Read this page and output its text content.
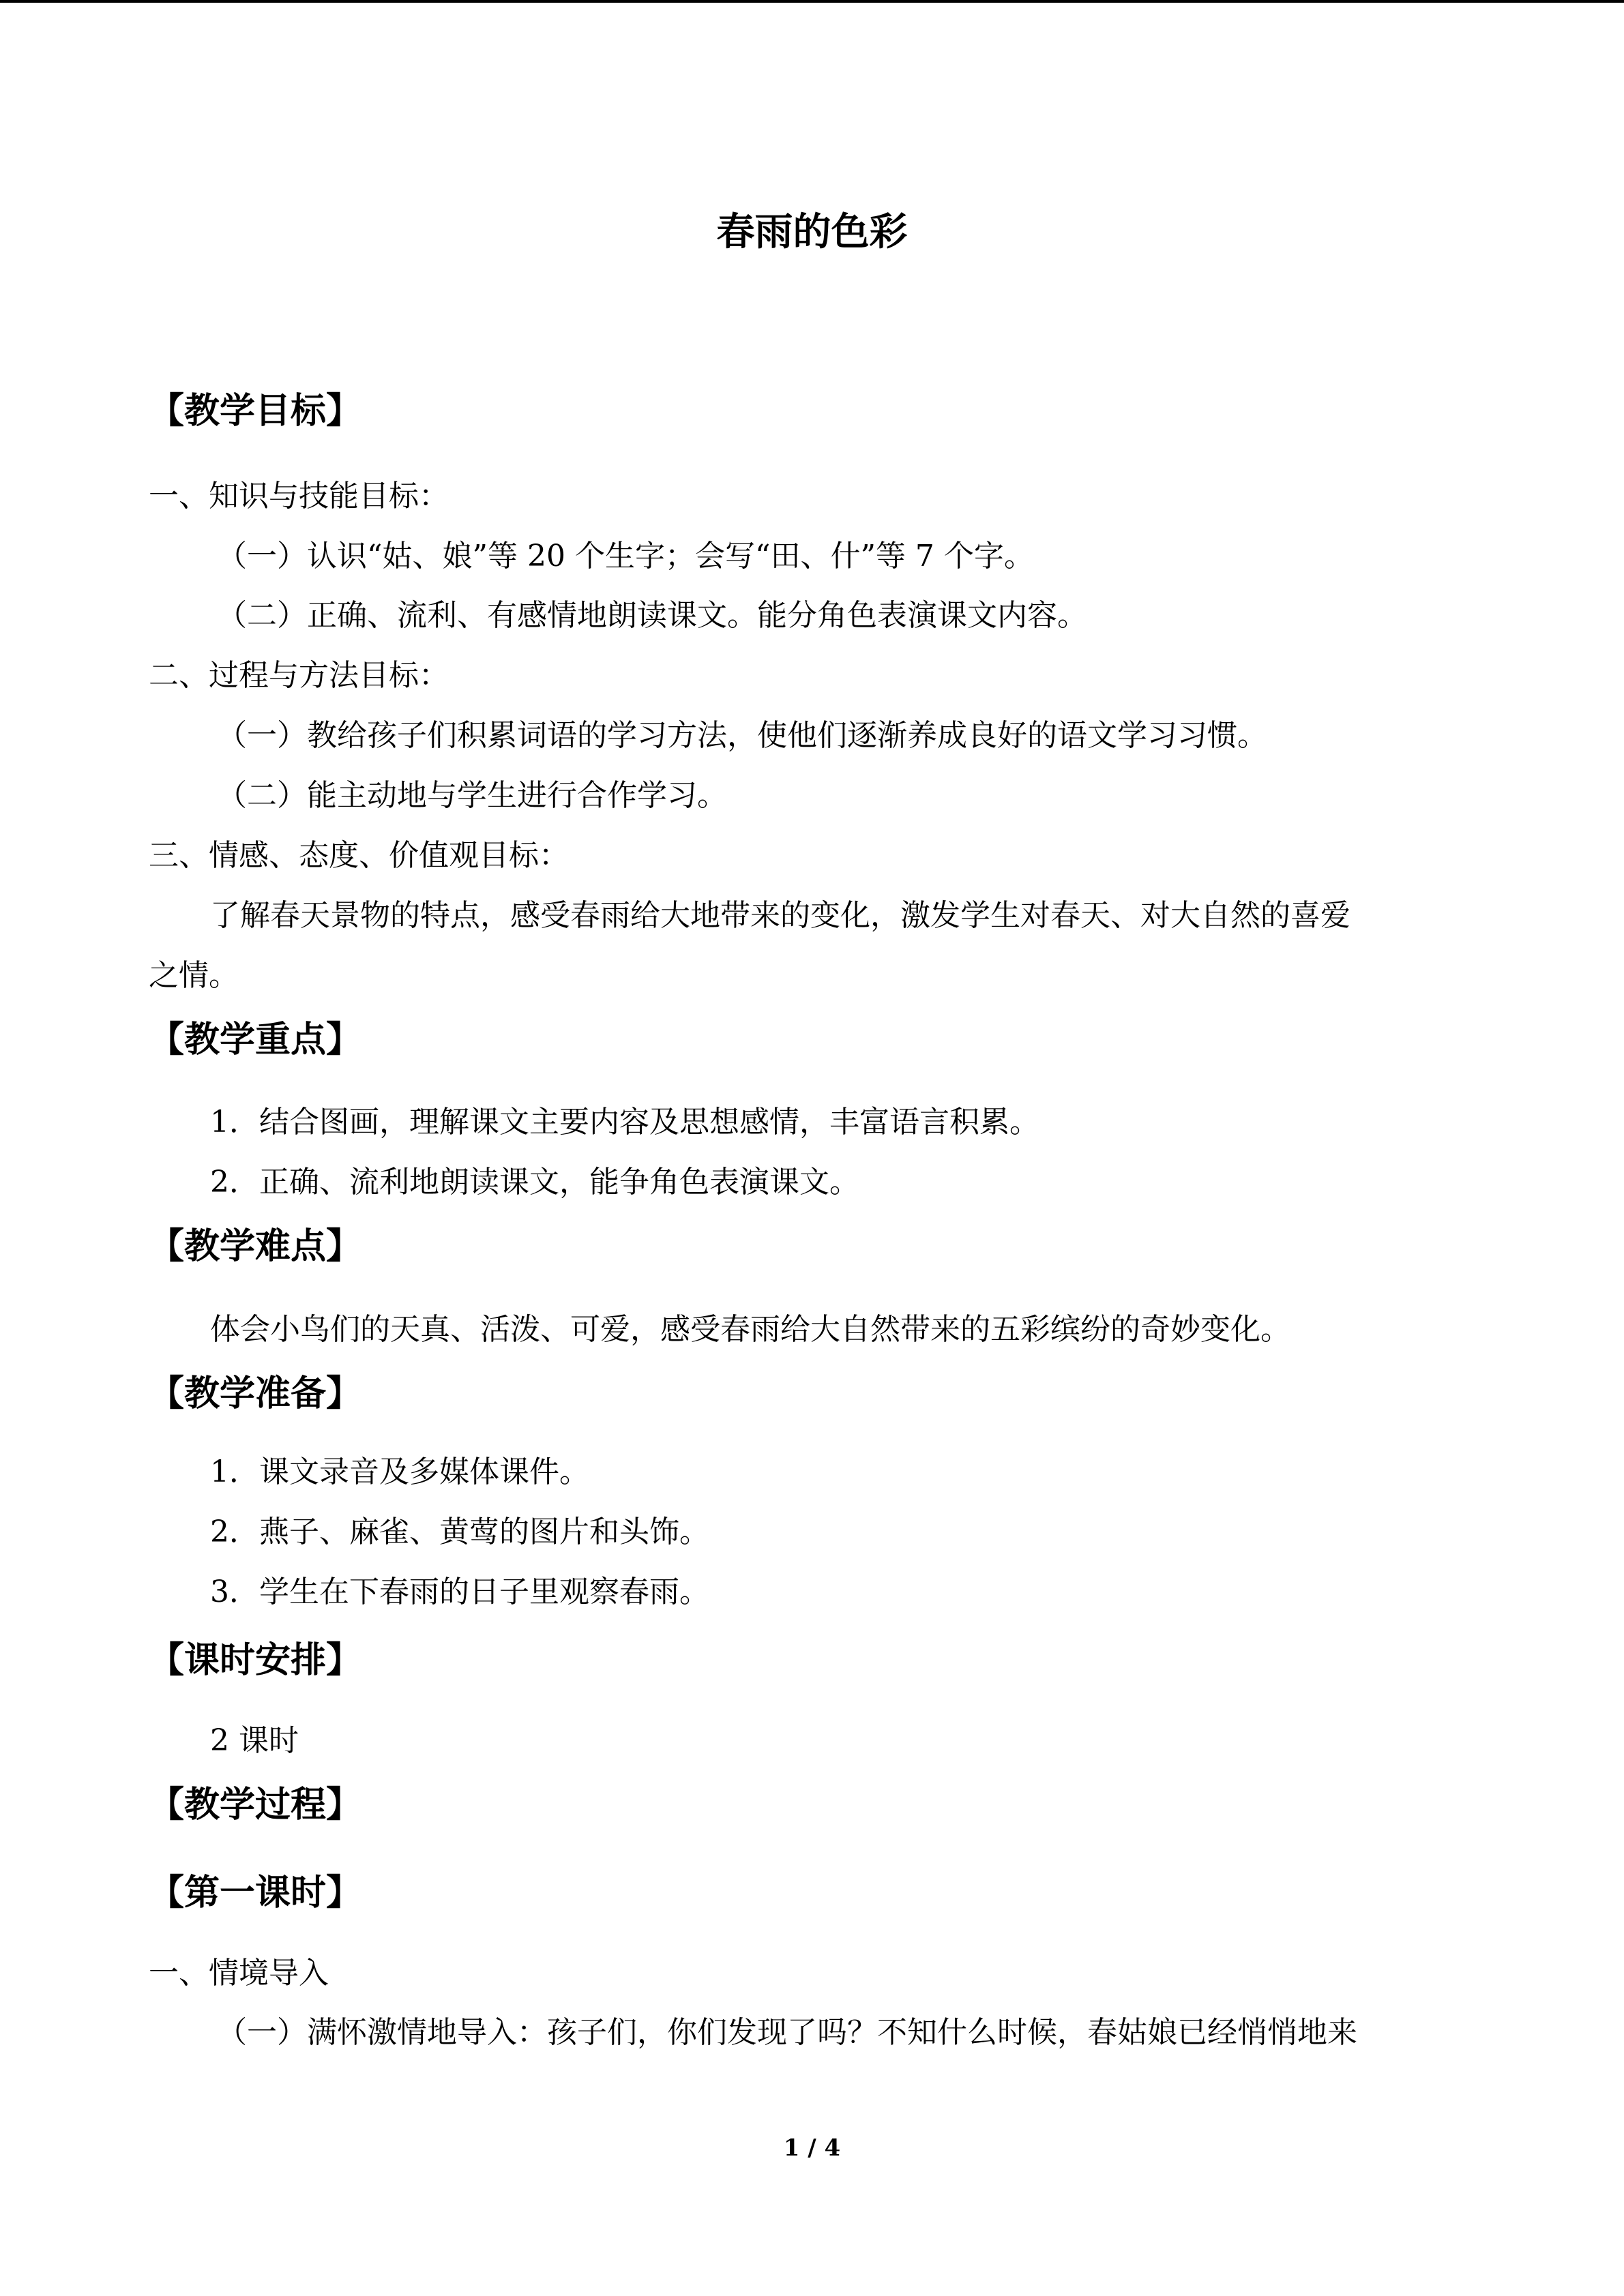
春雨的色彩
【教学目标】
一、知识与技能目标：
（一）认识“姑、娘”等 20 个生字；会写“田、什”等 7 个字。
（二）正确、流利、有感情地朗读课文。能分角色表演课文内容。
二、过程与方法目标：
（一）教给孩子们积累词语的学习方法，使他们逐渐养成良好的语文学习习惯。
（二）能主动地与学生进行合作学习。
三、情感、态度、价值观目标：
了解春天景物的特点，感受春雨给大地带来的变化，激发学生对春天、对大自然的喜爱
之情。
【教学重点】
1．结合图画，理解课文主要内容及思想感情，丰富语言积累。
2．正确、流利地朗读课文，能争角色表演课文。
【教学难点】
体会小鸟们的天真、活泼、可爱，感受春雨给大自然带来的五彩缤纷的奇妙变化。
【教学准备】
1．课文录音及多媒体课件。
2．燕子、麻雀、黄莺的图片和头饰。
3．学生在下春雨的日子里观察春雨。
【课时安排】
2 课时
【教学过程】
【第一课时】
一、情境导入
（一）满怀激情地导入：孩子们，你们发现了吗？不知什么时候，春姑娘已经悄悄地来
1 / 4
